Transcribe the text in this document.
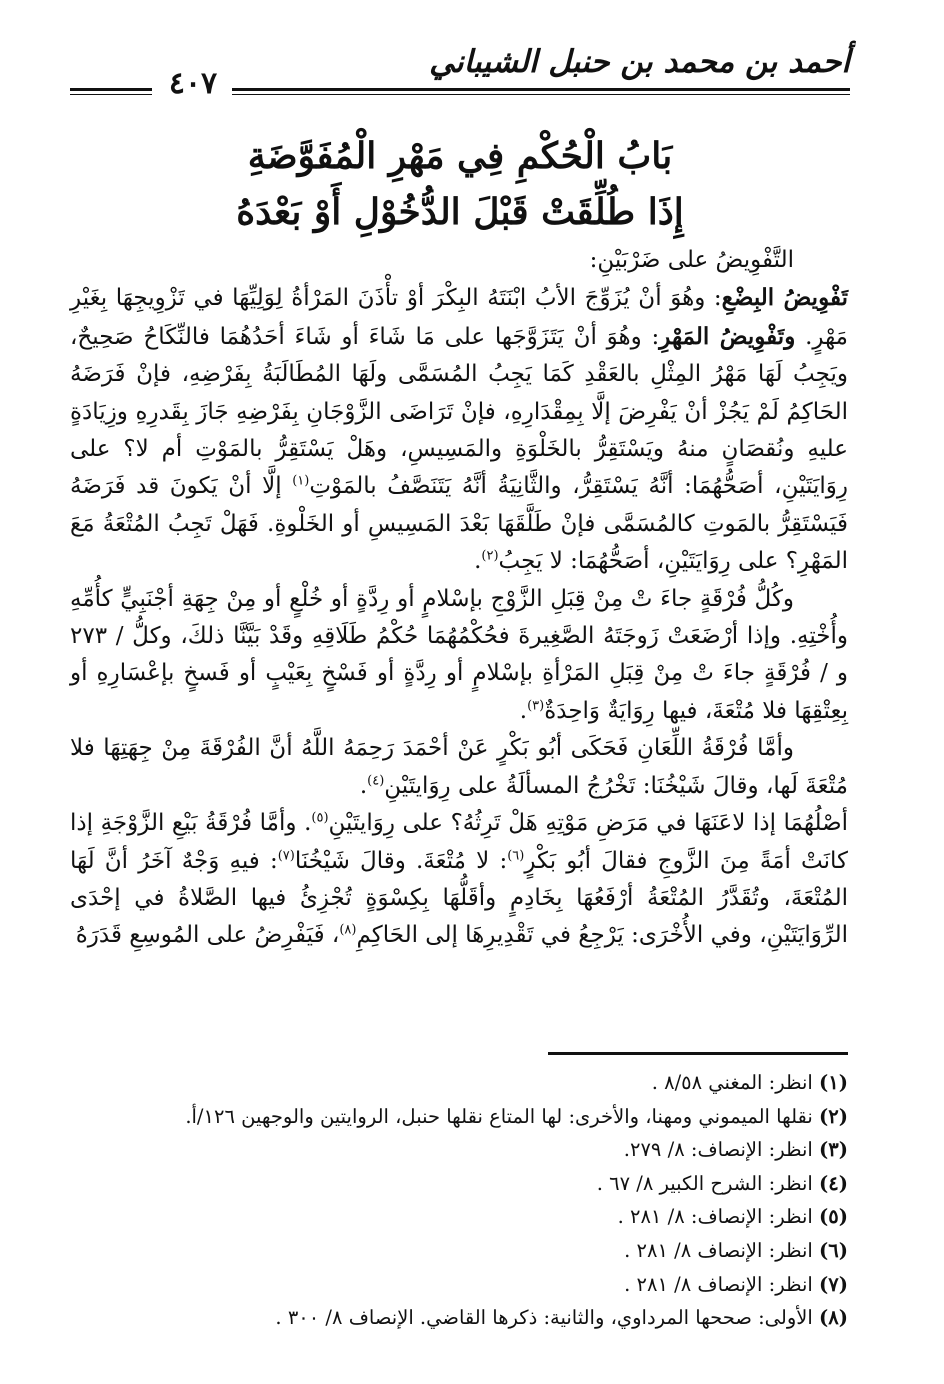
أحمد بن محمد بن حنبل الشيباني
٤٠٧
بَابُ الْحُكْمِ فِي مَهْرِ الْمُفَوَّضَةِ
إِذَا طُلِّقَتْ قَبْلَ الدُّخُوْلِ أَوْ بَعْدَهُ

التَّفْوِيضُ على ضَرْبَيْنِ:

تَفْوِيضُ البِضْعِ: وهُوَ أنْ يُزَوِّجَ الأبُ ابْنَتَهُ البِكْرَ أوْ تأْذَنَ المَرْأةُ لِوَلِيِّهَا في تَزْوِيجِهَا بِغَيْرِ مَهْرٍ. وتَفْوِيضُ المَهْرِ: وهُوَ أنْ يَتَزَوَّجَها على مَا شَاءَ أو شَاءَ أحَدُهُمَا فالنِّكَاحُ صَحِيحٌ، ويَجِبُ لَهَا مَهْرُ المِثْلِ بالعَقْدِ كَمَا يَجِبُ المُسَمَّى ولَهَا المُطَالَبَةُ بِفَرْضِهِ، فإنْ فَرَضَهُ الحَاكِمُ لَمْ يَجُزْ أنْ يَفْرِضَ إلَّا بِمِقْدَارِهِ، فإنْ تَرَاضَى الزَّوْجَانِ بِفَرْضِهِ جَازَ بِقَدرِهِ وزِيَادَةٍ عليهِ ونُقصَانٍ منهُ ويَسْتَقِرُّ بالخَلْوَةِ والمَسِيسِ، وهَلْ يَسْتَقِرُّ بالمَوْتِ أم لا؟ على رِوَايَتَيْنِ، أصَحُّهُمَا: أنَّهُ يَسْتَقِرُّ، والثَّانِيَةُ أنَّهُ يَتَنَصَّفُ بالمَوْتِ$^{(١)}$ إلَّا أنْ يَكونَ قد فَرَضَهُ فَيَسْتَقِرُّ بالمَوتِ كالمُسَمَّى فإنْ طَلَّقَهَا بَعْدَ المَسِيسِ أو الخَلْوةِ. فَهَلْ تَجِبُ المُتْعَةُ مَعَ المَهْرِ؟ على رِوَايَتَيْنِ، أصَحُّهُمَا: لا يَجِبُ$^{(٢)}$.

وكُلُّ فُرْقَةٍ جاءَ تْ مِنْ قِبَلِ الزَّوْجِ بإسْلامٍ أو رِدَّةٍ أو خُلْعٍ أو مِنْ جِهَةِ أجْنَبِيٍّ كأُمِّهِ وأُخْتِهِ. وإذا أرْضَعَتْ زَوجَتَهُ الصَّغِيرةَ فحُكْمُهُمَا حُكْمُ طَلَاقِهِ وقَدْ بَيَّنَّا ذلكَ، وكلُّ / ٢٧٣ و / فُرْقَةٍ جاءَ تْ مِنْ قِبَلِ المَرْأةِ بإسْلامٍ أو رِدَّةٍ أو فَسْخٍ بِعَيْبٍ أو فَسخٍ بإعْسَارِهِ أو بِعِتْقِهَا فلا مُتْعَةَ، فيها رِوَايَةٌ وَاحِدَةٌ$^{(٣)}$.

وأمَّا فُرْقَةُ اللِّعَانِ فَحَكَى أبُو بَكْرٍ عَنْ أحْمَدَ رَحِمَهُ اللَّهُ أنَّ الفُرْقَةَ مِنْ جِهَتِهَا فلا مُتْعَةَ لَها، وقالَ شَيْخُنَا: تَخْرُجُ المسألَةُ على رِوَايتَيْنِ$^{(٤)}$.

أصْلُهُمَا إذا لاعَنَهَا في مَرَضِ مَوْتِهِ هَلْ تَرِثُهُ؟ على رِوَايتَيْنِ$^{(٥)}$. وأمَّا فُرْقَةُ بَيْعِ الزَّوْجَةِ إذا كانَتْ أمَةً مِنَ الزَّوجِ فقالَ أبُو بَكْرٍ$^{(٦)}$: لا مُتْعَةَ. وقالَ شَيْخُنَا$^{(٧)}$: فيهِ وَجْهٌ آخَرُ أنَّ لَهَا المُتْعَةَ، وتُقَدَّرُ المُتْعَةُ أرْفَعُهَا بِخَادِمٍ وأقَلُّهَا بِكِسْوَةٍ تُجْزِئُ فيها الصَّلاةُ في إحْدَى الرِّوَايَتَيْنِ، وفي الأُخْرَى: يَرْجِعُ في تَقْدِيرِهَا إلى الحَاكِمِ$^{(٨)}$، فَيَفْرِضُ على المُوسِعِ قَدَرَهُ

(١) انظر: المغني ٨/٥٨ .
(٢) نقلها الميموني ومهنا، والأخرى: لها المتاع نقلها حنبل، الروايتين والوجهين ١٢٦/أ.
(٣) انظر: الإنصاف: ٨/ ٢٧٩.
(٤) انظر: الشرح الكبير ٨/ ٦٧ .
(٥) انظر: الإنصاف: ٨/ ٢٨١ .
(٦) انظر: الإنصاف ٨/ ٢٨١ .
(٧) انظر: الإنصاف ٨/ ٢٨١ .
(٨) الأولى: صححها المرداوي، والثانية: ذكرها القاضي. الإنصاف ٨/ ٣٠٠ .
